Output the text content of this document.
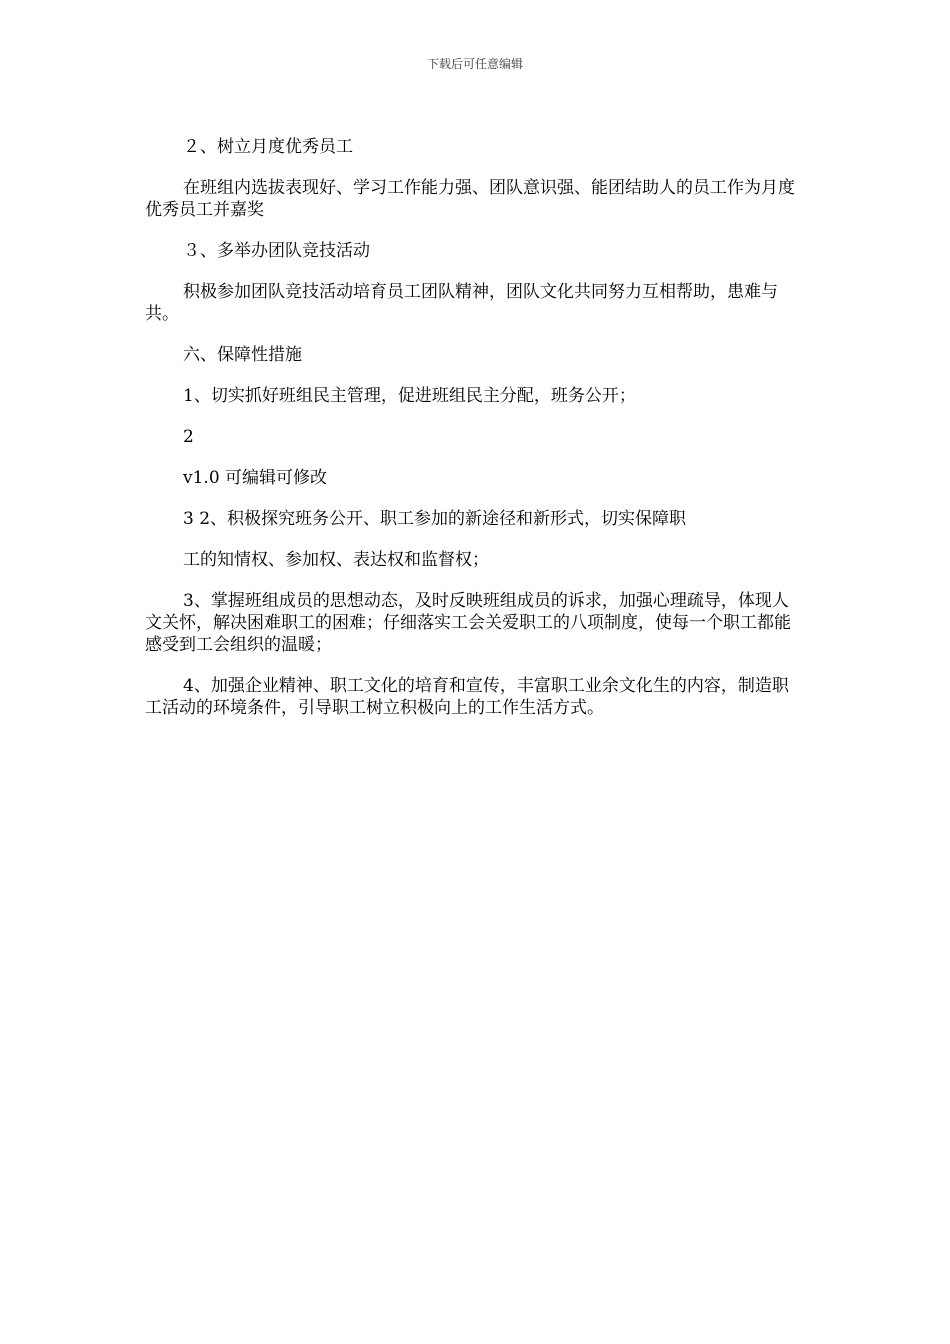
下载后可任意编辑

２、树立月度优秀员工

在班组内选拔表现好、学习工作能力强、团队意识强、能团结助人的员工作为月度优秀员工并嘉奖

３、多举办团队竞技活动

积极参加团队竞技活动培育员工团队精神，团队文化共同努力互相帮助，患难与共。

六、保障性措施

1、切实抓好班组民主管理，促进班组民主分配，班务公开；

2

v1.0 可编辑可修改

3 2、积极探究班务公开、职工参加的新途径和新形式，切实保障职

工的知情权、参加权、表达权和监督权；

3、掌握班组成员的思想动态，及时反映班组成员的诉求，加强心理疏导，体现人文关怀，解决困难职工的困难；仔细落实工会关爱职工的八项制度，使每一个职工都能感受到工会组织的温暖；

4、加强企业精神、职工文化的培育和宣传，丰富职工业余文化生的内容，制造职工活动的环境条件，引导职工树立积极向上的工作生活方式。
